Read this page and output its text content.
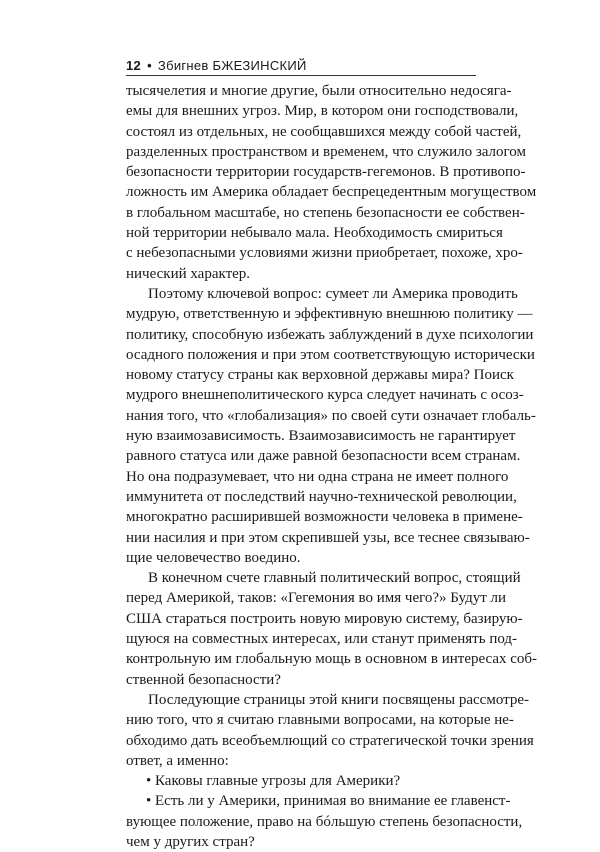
12 • Збигнев БЖЕЗИНСКИЙ
тысячелетия и многие другие, были относительно недосяга-
емы для внешних угроз. Мир, в котором они господствовали,
состоял из отдельных, не сообщавшихся между собой частей,
разделенных пространством и временем, что служило залогом
безопасности территории государств-гегемонов. В противопо-
ложность им Америка обладает беспрецедентным могуществом
в глобальном масштабе, но степень безопасности ее собствен-
ной территории небывало мала. Необходимость смириться
с небезопасными условиями жизни приобретает, похоже, хро-
нический характер.
Поэтому ключевой вопрос: сумеет ли Америка проводить
мудрую, ответственную и эффективную внешнюю политику —
политику, способную избежать заблуждений в духе психологии
осадного положения и при этом соответствующую исторически
новому статусу страны как верховной державы мира? Поиск
мудрого внешнеполитического курса следует начинать с осоз-
нания того, что «глобализация» по своей сути означает глобаль-
ную взаимозависимость. Взаимозависимость не гарантирует
равного статуса или даже равной безопасности всем странам.
Но она подразумевает, что ни одна страна не имеет полного
иммунитета от последствий научно-технической революции,
многократно расширившей возможности человека в примене-
нии насилия и при этом скрепившей узы, все теснее связываю-
щие человечество воедино.
В конечном счете главный политический вопрос, стоящий
перед Америкой, таков: «Гегемония во имя чего?» Будут ли
США стараться построить новую мировую систему, базирую-
щуюся на совместных интересах, или станут применять под-
контрольную им глобальную мощь в основном в интересах соб-
ственной безопасности?
Последующие страницы этой книги посвящены рассмотре-
нию того, что я считаю главными вопросами, на которые не-
обходимо дать всеобъемлющий со стратегической точки зрения
ответ, а именно:
• Каковы главные угрозы для Америки?
• Есть ли у Америки, принимая во внимание ее главенст-
вующее положение, право на бóльшую степень безопасности,
чем у других стран?
